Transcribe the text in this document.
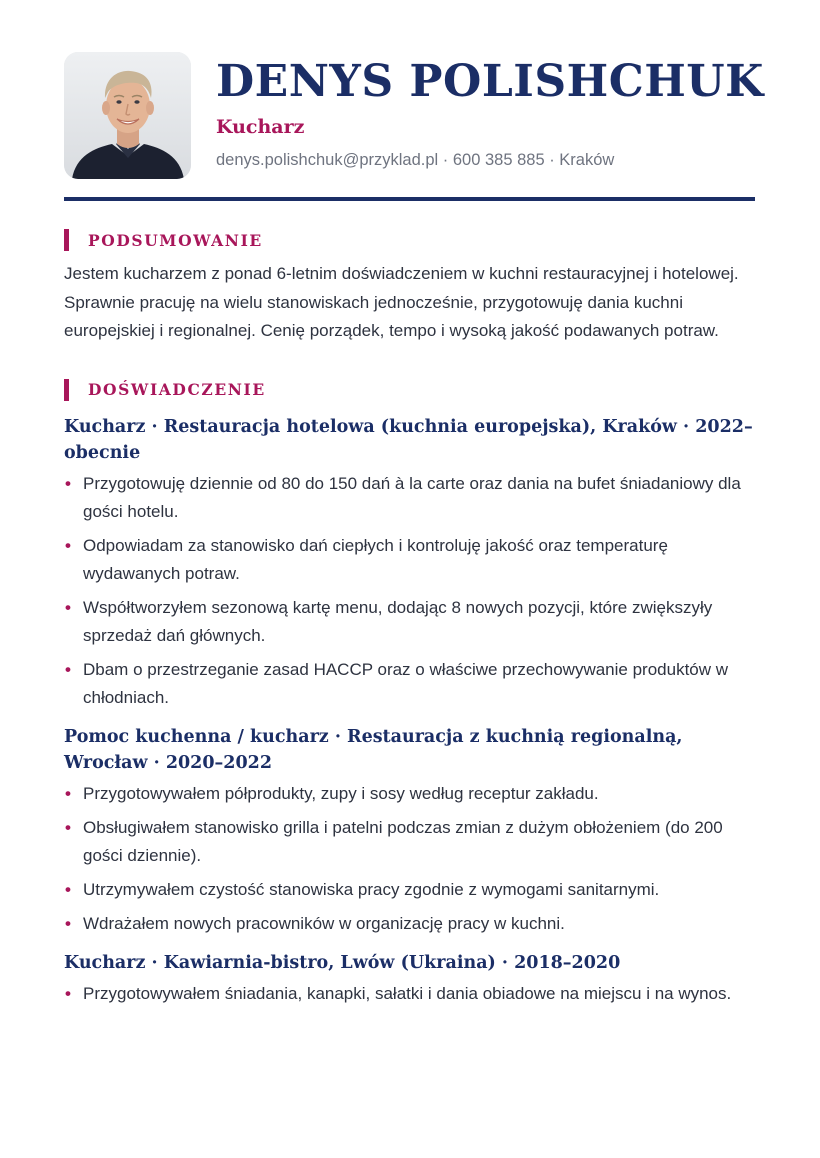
DENYS POLISHCHUK
Kucharz
denys.polishchuk@przyklad.pl · 600 385 885 · Kraków
PODSUMOWANIE

Jestem kucharzem z ponad 6-letnim doświadczeniem w kuchni restauracyjnej i hotelowej. Sprawnie pracuję na wielu stanowiskach jednocześnie, przygotowuję dania kuchni europejskiej i regionalnej. Cenię porządek, tempo i wysoką jakość podawanych potraw.

DOŚWIADCZENIE
Kucharz · Restauracja hotelowa (kuchnia europejska), Kraków · 2022–obecnie
• Przygotowuję dziennie od 80 do 150 dań à la carte oraz dania na bufet śniadaniowy dla gości hotelu.
• Odpowiadam za stanowisko dań ciepłych i kontroluję jakość oraz temperaturę wydawanych potraw.
• Współtworzyłem sezonową kartę menu, dodając 8 nowych pozycji, które zwiększyły sprzedaż dań głównych.
• Dbam o przestrzeganie zasad HACCP oraz o właściwe przechowywanie produktów w chłodniach.
Pomoc kuchenna / kucharz · Restauracja z kuchnią regionalną, Wrocław · 2020–2022
• Przygotowywałem półprodukty, zupy i sosy według receptur zakładu.
• Obsługiwałem stanowisko grilla i patelni podczas zmian z dużym obłożeniem (do 200 gości dziennie).
• Utrzymywałem czystość stanowiska pracy zgodnie z wymogami sanitarnymi.
• Wdrażałem nowych pracowników w organizację pracy w kuchni.
Kucharz · Kawiarnia-bistro, Lwów (Ukraina) · 2018–2020
• Przygotowywałem śniadania, kanapki, sałatki i dania obiadowe na miejscu i na wynos.
